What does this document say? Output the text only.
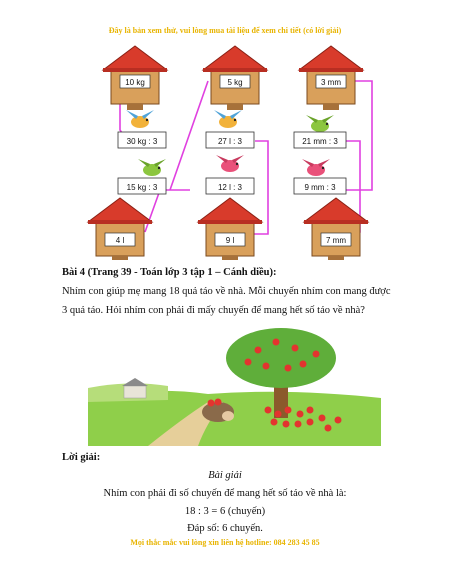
Đây là bản xem thử, vui lòng mua tài liệu để xem chi tiết (có lời giải)
10 kg	5 kg	3 mm
30 kg : 3	27 l : 3	21 mm : 3
15 kg : 3	12 l : 3	9 mm : 3
4 l	9 l	7 mm
Bài 4 (Trang 39 - Toán lớp 3 tập 1 – Cánh diều):
Nhím con giúp mẹ mang 18 quả táo về nhà. Mỗi chuyến nhím con mang được 3 quả táo. Hỏi nhím con phải đi mấy chuyến để mang hết số táo về nhà?
Lời giải:
Bài giải
Nhím con phải đi số chuyến để mang hết số táo về nhà là:
18 : 3 = 6 (chuyến)
Đáp số: 6 chuyến.
Mọi thắc mắc vui lòng xin liên hệ hotline: 084 283 45 85
